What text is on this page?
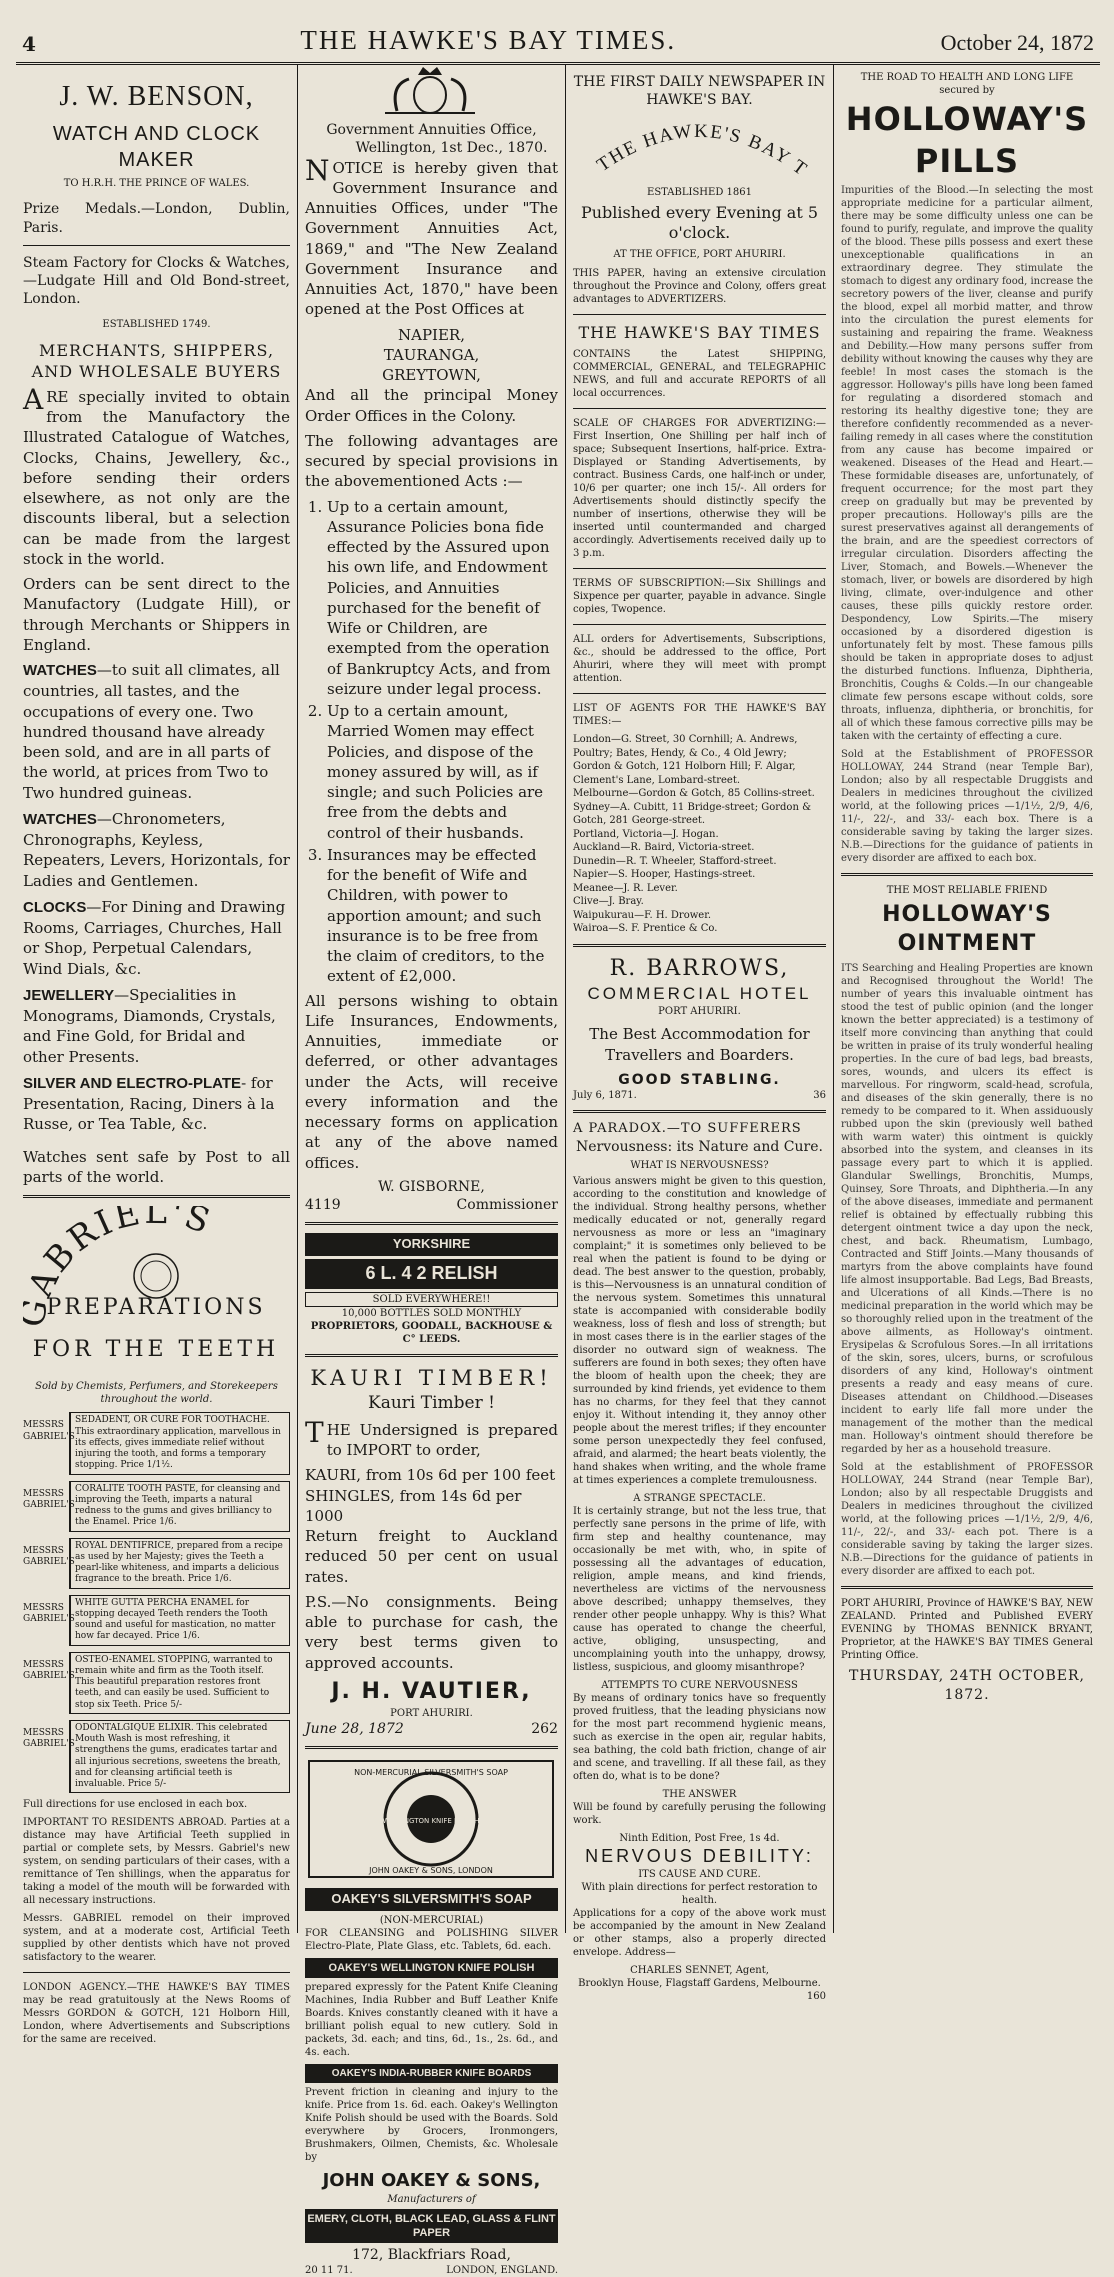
4	THE HAWKE'S BAY TIMES.	October 24, 1872
J. W. BENSON,
WATCH AND CLOCK MAKER
TO H.R.H. THE PRINCE OF WALES.

Prize Medals.—London, Dublin, Paris.

Steam Factory for Clocks & Watches, —Ludgate Hill and Old Bond-street, London.

ESTABLISHED 1749.
MERCHANTS, SHIPPERS, AND WHOLESALE BUYERS

ARE specially invited to obtain from the Manufactory the Illustrated Catalogue of Watches, Clocks, Chains, Jewellery, &c., before sending their orders elsewhere, as not only are the discounts liberal, but a selection can be made from the largest stock in the world.

Orders can be sent direct to the Manufactory (Ludgate Hill), or through Merchants or Shippers in England.

WATCHES—to suit all climates, all countries, all tastes, and the occupations of every one. Two hundred thousand have already been sold, and are in all parts of the world, at prices from Two to Two hundred guineas.
WATCHES—Chronometers, Chronographs, Keyless, Repeaters, Levers, Horizontals, for Ladies and Gentlemen.
CLOCKS—For Dining and Drawing Rooms, Carriages, Churches, Hall or Shop, Perpetual Calendars, Wind Dials, &c.
JEWELLERY—Specialities in Monograms, Diamonds, Crystals, and Fine Gold, for Bridal and other Presents.
SILVER AND ELECTRO-PLATE- for Presentation, Racing, Diners à la Russe, or Tea Table, &c.

Watches sent safe by Post to all parts of the world.

ABRIEL'S
PREPARATIONS
FOR THE TEETH
Sold by Chemists, Perfumers, and Storekeepers throughout the world.
MESSRS GABRIEL'S
SEDADENT, OR CURE FOR TOOTHACHE. This extraordinary application, marvellous in its effects, gives immediate relief without injuring the tooth, and forms a temporary stopping. Price 1/1½.
MESSRS GABRIEL'S
CORALITE TOOTH PASTE, for cleansing and improving the Teeth, imparts a natural redness to the gums and gives brilliancy to the Enamel. Price 1/6.
MESSRS GABRIEL'S
ROYAL DENTIFRICE, prepared from a recipe as used by her Majesty; gives the Teeth a pearl-like whiteness, and imparts a delicious fragrance to the breath. Price 1/6.
MESSRS GABRIEL'S
WHITE GUTTA PERCHA ENAMEL for stopping decayed Teeth renders the Tooth sound and useful for mastication, no matter how far decayed. Price 1/6.
MESSRS GABRIEL'S
OSTEO-ENAMEL STOPPING, warranted to remain white and firm as the Tooth itself. This beautiful preparation restores front teeth, and can easily be used. Sufficient to stop six Teeth. Price 5/-
MESSRS GABRIEL'S
ODONTALGIQUE ELIXIR. This celebrated Mouth Wash is most refreshing, it strengthens the gums, eradicates tartar and all injurious secretions, sweetens the breath, and for cleansing artificial teeth is invaluable. Price 5/-

Full directions for use enclosed in each box.

IMPORTANT TO RESIDENTS ABROAD. Parties at a distance may have Artificial Teeth supplied in partial or complete sets, by Messrs. Gabriel's new system, on sending particulars of their cases, with a remittance of Ten shillings, when the apparatus for taking a model of the mouth will be forwarded with all necessary instructions.

Messrs. GABRIEL remodel on their improved system, and at a moderate cost, Artificial Teeth supplied by other dentists which have not proved satisfactory to the wearer.

LONDON AGENCY.—THE HAWKE'S BAY TIMES may be read gratuitously at the News Rooms of Messrs GORDON & GOTCH, 121 Holborn Hill, London, where Advertisements and Subscriptions for the same are received.

Government Annuities Office,
Wellington, 1st Dec., 1870.

NOTICE is hereby given that Government Insurance and Annuities Offices, under "The Government Annuities Act, 1869," and "The New Zealand Government Insurance and Annuities Act, 1870," have been opened at the Post Offices at

NAPIER,
TAURANGA,
GREYTOWN,

And all the principal Money Order Offices in the Colony.

The following advantages are secured by special provisions in the abovementioned Acts :—

1. Up to a certain amount, Assurance Policies bona fide effected by the Assured upon his own life, and Endowment Policies, and Annuities purchased for the benefit of Wife or Children, are exempted from the operation of Bankruptcy Acts, and from seizure under legal process.
2. Up to a certain amount, Married Women may effect Policies, and dispose of the money assured by will, as if single; and such Policies are free from the debts and control of their husbands.
3. Insurances may be effected for the benefit of Wife and Children, with power to apportion amount; and such insurance is to be free from the claim of creditors, to the extent of £2,000.

All persons wishing to obtain Life Insurances, Endowments, Annuities, immediate or deferred, or other advantages under the Acts, will receive every information and the necessary forms on application at any of the above named offices.

W. GISBORNE,
4119	Commissioner
YORKSHIRE
6 L. 4 2 RELISH
SOLD EVERYWHERE!!
10,000 BOTTLES SOLD MONTHLY
PROPRIETORS, GOODALL, BACKHOUSE & C° LEEDS.
KAURI TIMBER!
Kauri Timber !

THE Undersigned is prepared to IMPORT to order,

KAURI, from 10s 6d per 100 feet
SHINGLES, from 14s 6d per 1000

Return freight to Auckland reduced 50 per cent on usual rates.

P.S.—No consignments. Being able to purchase for cash, the very best terms given to approved accounts.

J. H. VAUTIER,
PORT AHURIRI.
June 28, 1872	262
NON-MERCURIAL SILVERSMITH'S SOAP
WELLINGTON KNIFE POLISH
JOHN OAKEY & SONS, LONDON
OAKEY'S SILVERSMITH'S SOAP
(NON-MERCURIAL)

FOR CLEANSING and POLISHING SILVER Electro-Plate, Plate Glass, etc. Tablets, 6d. each.

OAKEY'S WELLINGTON KNIFE POLISH

prepared expressly for the Patent Knife Cleaning Machines, India Rubber and Buff Leather Knife Boards. Knives constantly cleaned with it have a brilliant polish equal to new cutlery. Sold in packets, 3d. each; and tins, 6d., 1s., 2s. 6d., and 4s. each.

OAKEY'S INDIA-RUBBER KNIFE BOARDS

Prevent friction in cleaning and injury to the knife. Price from 1s. 6d. each. Oakey's Wellington Knife Polish should be used with the Boards. Sold everywhere by Grocers, Ironmongers, Brushmakers, Oilmen, Chemists, &c. Wholesale by

JOHN OAKEY & SONS,
Manufacturers of
EMERY, CLOTH, BLACK LEAD, GLASS & FLINT PAPER
172, Blackfriars Road,
20 11 71.	LONDON, ENGLAND.
THE FIRST DAILY NEWSPAPER IN HAWKE'S BAY.
THE HAWKE'S BAY T
ESTABLISHED 1861
Published every Evening at 5 o'clock.
AT THE OFFICE, PORT AHURIRI.

THIS PAPER, having an extensive circulation throughout the Province and Colony, offers great advantages to ADVERTIZERS.

THE HAWKE'S BAY TIMES

CONTAINS the Latest SHIPPING, COMMERCIAL, GENERAL, and TELEGRAPHIC NEWS, and full and accurate REPORTS of all local occurrences.

SCALE OF CHARGES FOR ADVERTIZING:— First Insertion, One Shilling per half inch of space; Subsequent Insertions, half-price. Extra-Displayed or Standing Advertisements, by contract. Business Cards, one half-inch or under, 10/6 per quarter; one inch 15/-. All orders for Advertisements should distinctly specify the number of insertions, otherwise they will be inserted until countermanded and charged accordingly. Advertisements received daily up to 3 p.m.

TERMS OF SUBSCRIPTION:—Six Shillings and Sixpence per quarter, payable in advance. Single copies, Twopence.

ALL orders for Advertisements, Subscriptions, &c., should be addressed to the office, Port Ahuriri, where they will meet with prompt attention.

LIST OF AGENTS FOR THE HAWKE'S BAY TIMES:—

London—G. Street, 30 Cornhill; A. Andrews, Poultry; Bates, Hendy, & Co., 4 Old Jewry; Gordon & Gotch, 121 Holborn Hill; F. Algar, Clement's Lane, Lombard-street.
Melbourne—Gordon & Gotch, 85 Collins-street.
Sydney—A. Cubitt, 11 Bridge-street; Gordon & Gotch, 281 George-street.
Portland, Victoria—J. Hogan.
Auckland—R. Baird, Victoria-street.
Dunedin—R. T. Wheeler, Stafford-street.
Napier—S. Hooper, Hastings-street.
Meanee—J. R. Lever.
Clive—J. Bray.
Waipukurau—F. H. Drower.
Wairoa—S. F. Prentice & Co.
R. BARROWS,
COMMERCIAL HOTEL
PORT AHURIRI.
The Best Accommodation for Travellers and Boarders.
GOOD STABLING.
July 6, 1871.	36
A PARADOX.—TO SUFFERERS
Nervousness: its Nature and Cure.
WHAT IS NERVOUSNESS?

Various answers might be given to this question, according to the constitution and knowledge of the individual. Strong healthy persons, whether medically educated or not, generally regard nervousness as more or less an "imaginary complaint;" it is sometimes only believed to be real when the patient is found to be dying or dead. The best answer to the question, probably, is this—Nervousness is an unnatural condition of the nervous system. Sometimes this unnatural state is accompanied with considerable bodily weakness, loss of flesh and loss of strength; but in most cases there is in the earlier stages of the disorder no outward sign of weakness. The sufferers are found in both sexes; they often have the bloom of health upon the cheek; they are surrounded by kind friends, yet evidence to them has no charms, for they feel that they cannot enjoy it. Without intending it, they annoy other people about the merest trifles; if they encounter some person unexpectedly they feel confused, afraid, and alarmed; the heart beats violently, the hand shakes when writing, and the whole frame at times experiences a complete tremulousness.

A STRANGE SPECTACLE.

It is certainly strange, but not the less true, that perfectly sane persons in the prime of life, with firm step and healthy countenance, may occasionally be met with, who, in spite of possessing all the advantages of education, religion, ample means, and kind friends, nevertheless are victims of the nervousness above described; unhappy themselves, they render other people unhappy. Why is this? What cause has operated to change the cheerful, active, obliging, unsuspecting, and uncomplaining youth into the unhappy, drowsy, listless, suspicious, and gloomy misanthrope?

ATTEMPTS TO CURE NERVOUSNESS

By means of ordinary tonics have so frequently proved fruitless, that the leading physicians now for the most part recommend hygienic means, such as exercise in the open air, regular habits, sea bathing, the cold bath friction, change of air and scene, and travelling. If all these fail, as they often do, what is to be done?

THE ANSWER

Will be found by carefully perusing the following work.

Ninth Edition, Post Free, 1s 4d.
NERVOUS DEBILITY:
ITS CAUSE AND CURE.
With plain directions for perfect restoration to health.

Applications for a copy of the above work must be accompanied by the amount in New Zealand or other stamps, also a properly directed envelope. Address—

CHARLES SENNET, Agent,
Brooklyn House, Flagstaff Gardens, Melbourne.
160
THE ROAD TO HEALTH AND LONG LIFE secured by
HOLLOWAY'S PILLS

Impurities of the Blood.—In selecting the most appropriate medicine for a particular ailment, there may be some difficulty unless one can be found to purify, regulate, and improve the quality of the blood. These pills possess and exert these unexceptionable qualifications in an extraordinary degree. They stimulate the stomach to digest any ordinary food, increase the secretory powers of the liver, cleanse and purify the blood, expel all morbid matter, and throw into the circulation the purest elements for sustaining and repairing the frame. Weakness and Debility.—How many persons suffer from debility without knowing the causes why they are feeble! In most cases the stomach is the aggressor. Holloway's pills have long been famed for regulating a disordered stomach and restoring its healthy digestive tone; they are therefore confidently recommended as a never-failing remedy in all cases where the constitution from any cause has become impaired or weakened. Diseases of the Head and Heart.—These formidable diseases are, unfortunately, of frequent occurrence; for the most part they creep on gradually but may be prevented by proper precautions. Holloway's pills are the surest preservatives against all derangements of the brain, and are the speediest correctors of irregular circulation. Disorders affecting the Liver, Stomach, and Bowels.—Whenever the stomach, liver, or bowels are disordered by high living, climate, over-indulgence and other causes, these pills quickly restore order. Despondency, Low Spirits.—The misery occasioned by a disordered digestion is unfortunately felt by most. These famous pills should be taken in appropriate doses to adjust the disturbed functions. Influenza, Diphtheria, Bronchitis, Coughs & Colds.—In our changeable climate few persons escape without colds, sore throats, influenza, diphtheria, or bronchitis, for all of which these famous corrective pills may be taken with the certainty of effecting a cure.

Sold at the Establishment of PROFESSOR HOLLOWAY, 244 Strand (near Temple Bar), London; also by all respectable Druggists and Dealers in medicines throughout the civilized world, at the following prices —1/1½, 2/9, 4/6, 11/-, 22/-, and 33/- each box. There is a considerable saving by taking the larger sizes. N.B.—Directions for the guidance of patients in every disorder are affixed to each box.

THE MOST RELIABLE FRIEND
HOLLOWAY'S OINTMENT

ITS Searching and Healing Properties are known and Recognised throughout the World! The number of years this invaluable ointment has stood the test of public opinion (and the longer known the better appreciated) is a testimony of itself more convincing than anything that could be written in praise of its truly wonderful healing properties. In the cure of bad legs, bad breasts, sores, wounds, and ulcers its effect is marvellous. For ringworm, scald-head, scrofula, and diseases of the skin generally, there is no remedy to be compared to it. When assiduously rubbed upon the skin (previously well bathed with warm water) this ointment is quickly absorbed into the system, and cleanses in its passage every part to which it is applied. Glandular Swellings, Bronchitis, Mumps, Quinsey, Sore Throats, and Diphtheria.—In any of the above diseases, immediate and permanent relief is obtained by effectually rubbing this detergent ointment twice a day upon the neck, chest, and back. Rheumatism, Lumbago, Contracted and Stiff Joints.—Many thousands of martyrs from the above complaints have found life almost insupportable. Bad Legs, Bad Breasts, and Ulcerations of all Kinds.—There is no medicinal preparation in the world which may be so thoroughly relied upon in the treatment of the above ailments, as Holloway's ointment. Erysipelas & Scrofulous Sores.—In all irritations of the skin, sores, ulcers, burns, or scrofulous disorders of any kind, Holloway's ointment presents a ready and easy means of cure. Diseases attendant on Childhood.—Diseases incident to early life fall more under the management of the mother than the medical man. Holloway's ointment should therefore be regarded by her as a household treasure.

Sold at the establishment of PROFESSOR HOLLOWAY, 244 Strand (near Temple Bar), London; also by all respectable Druggists and Dealers in medicines throughout the civilized world, at the following prices —1/1½, 2/9, 4/6, 11/-, 22/-, and 33/- each pot. There is a considerable saving by taking the larger sizes. N.B.—Directions for the guidance of patients in every disorder are affixed to each pot.

PORT AHURIRI, Province of HAWKE'S BAY, NEW ZEALAND. Printed and Published EVERY EVENING by THOMAS BENNICK BRYANT, Proprietor, at the HAWKE'S BAY TIMES General Printing Office.

THURSDAY, 24TH OCTOBER, 1872.
